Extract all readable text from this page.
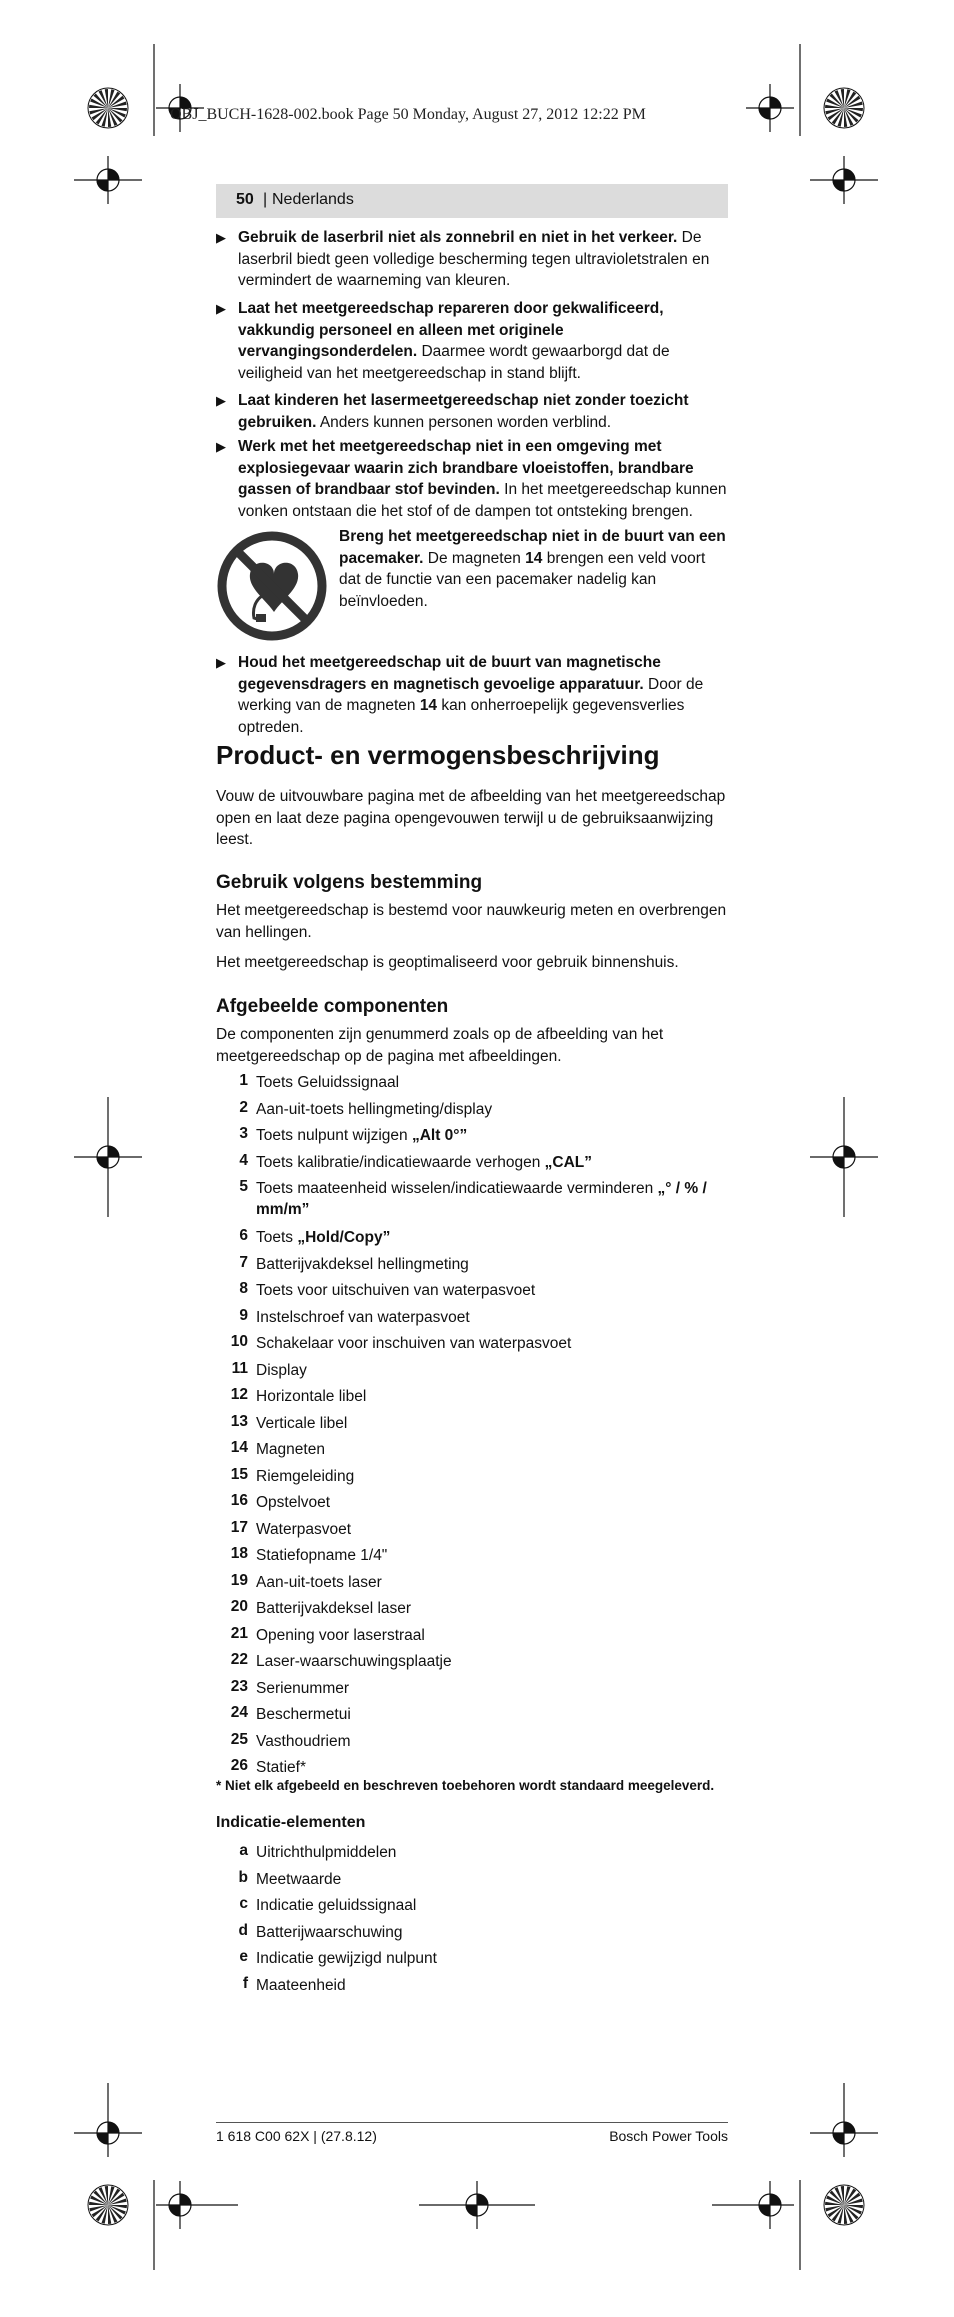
OBJ_BUCH-1628-002.book Page 50 Monday, August 27, 2012 12:22 PM
50 | Nederlands
▶ Gebruik de laserbril niet als zonnebril en niet in het verkeer. De laserbril biedt geen volledige bescherming tegen ultravioletstralen en vermindert de waarneming van kleuren.
▶ Laat het meetgereedschap repareren door gekwalificeerd, vakkundig personeel en alleen met originele vervangingsonderdelen. Daarmee wordt gewaarborgd dat de veiligheid van het meetgereedschap in stand blijft.
▶ Laat kinderen het lasermeetgereedschap niet zonder toezicht gebruiken. Anders kunnen personen worden verblind.
▶ Werk met het meetgereedschap niet in een omgeving met explosiegevaar waarin zich brandbare vloeistoffen, brandbare gassen of brandbaar stof bevinden. In het meetgereedschap kunnen vonken ontstaan die het stof of de dampen tot ontsteking brengen.
Breng het meetgereedschap niet in de buurt van een pacemaker. De magneten 14 brengen een veld voort dat de functie van een pacemaker nadelig kan beïnvloeden.
▶ Houd het meetgereedschap uit de buurt van magnetische gegevensdragers en magnetisch gevoelige apparatuur. Door de werking van de magneten 14 kan onherroepelijk gegevensverlies optreden.
Product- en vermogensbeschrijving

Vouw de uitvouwbare pagina met de afbeelding van het meetgereedschap open en laat deze pagina opengevouwen terwijl u de gebruiksaanwijzing leest.

Gebruik volgens bestemming

Het meetgereedschap is bestemd voor nauwkeurig meten en overbrengen van hellingen.

Het meetgereedschap is geoptimaliseerd voor gebruik binnenshuis.

Afgebeelde componenten

De componenten zijn genummerd zoals op de afbeelding van het meetgereedschap op de pagina met afbeeldingen.

1 Toets Geluidssignaal
2 Aan-uit-toets hellingmeting/display
3 Toets nulpunt wijzigen „Alt 0°”
4 Toets kalibratie/indicatiewaarde verhogen „CAL”
5 Toets maateenheid wisselen/indicatiewaarde verminderen „° / % / mm/m”
6 Toets „Hold/Copy”
7 Batterijvakdeksel hellingmeting
8 Toets voor uitschuiven van waterpasvoet
9 Instelschroef van waterpasvoet
10 Schakelaar voor inschuiven van waterpasvoet
11 Display
12 Horizontale libel
13 Verticale libel
14 Magneten
15 Riemgeleiding
16 Opstelvoet
17 Waterpasvoet
18 Statiefopname 1/4"
19 Aan-uit-toets laser
20 Batterijvakdeksel laser
21 Opening voor laserstraal
22 Laser-waarschuwingsplaatje
23 Serienummer
24 Beschermetui
25 Vasthoudriem
26 Statief*
* Niet elk afgebeeld en beschreven toebehoren wordt standaard meegeleverd.
Indicatie-elementen
a Uitrichthulpmiddelen
b Meetwaarde
c Indicatie geluidssignaal
d Batterijwaarschuwing
e Indicatie gewijzigd nulpunt
f Maateenheid
1 618 C00 62X | (27.8.12)	Bosch Power Tools
